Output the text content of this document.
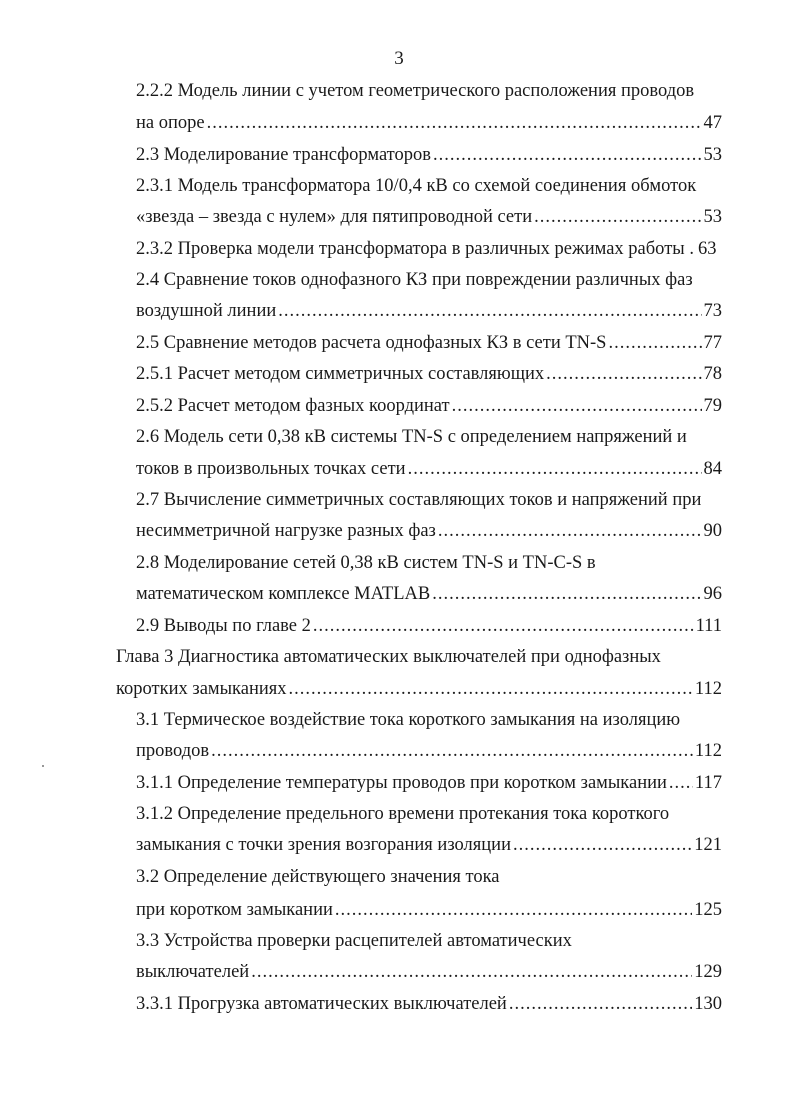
3
2.2.2 Модель линии с учетом геометрического расположения проводов
на опоре .....	47
2.3 Моделирование трансформаторов .....	53
2.3.1 Модель трансформатора 10/0,4 кВ со схемой соединения обмоток
«звезда – звезда с нулем» для пятипроводной сети .....	53
2.3.2 Проверка модели трансформатора в различных режимах работы . 63
2.4 Сравнение токов однофазного КЗ при повреждении различных фаз
воздушной линии .....	73
2.5 Сравнение методов расчета однофазных КЗ в сети TN-S .....	77
2.5.1 Расчет методом симметричных составляющих .....	78
2.5.2 Расчет методом фазных координат .....	79
2.6 Модель сети 0,38 кВ системы TN-S с определением напряжений и
токов в произвольных точках сети .....	84
2.7 Вычисление симметричных составляющих токов и напряжений при
несимметричной нагрузке разных фаз .....	90
2.8 Моделирование сетей 0,38 кВ систем TN-S и TN-C-S в
математическом комплексе MATLAB .....	96
2.9 Выводы по главе 2 .....	111
Глава 3 Диагностика автоматических выключателей при однофазных
коротких замыканиях .....	112
3.1 Термическое воздействие тока короткого замыкания на изоляцию
проводов .....	112
3.1.1 Определение температуры проводов при коротком замыкании ..... 117
3.1.2 Определение предельного времени протекания тока короткого
замыкания с точки зрения возгорания изоляции .....	121
3.2 Определение действующего значения тока
при коротком замыкании .....	125
3.3 Устройства проверки расцепителей автоматических
выключателей .....	129
3.3.1 Прогрузка автоматических выключателей .....	130
